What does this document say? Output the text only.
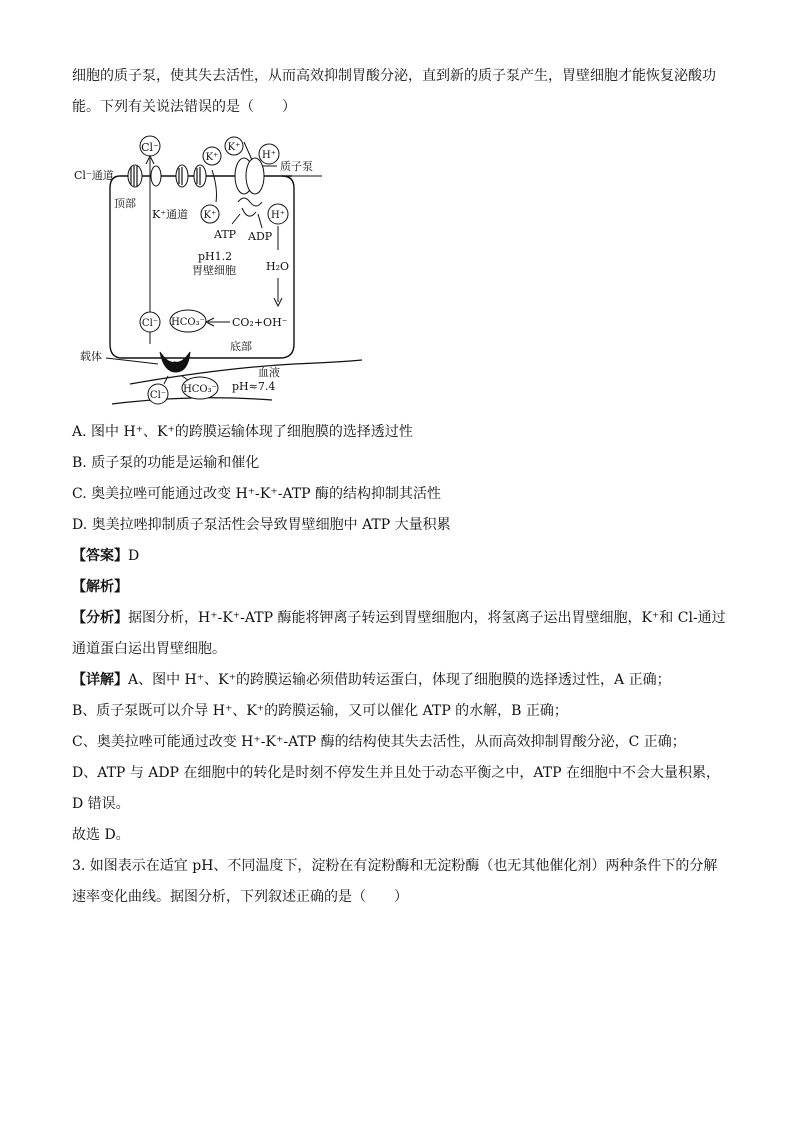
细胞的质子泵，使其失去活性，从而高效抑制胃酸分泌，直到新的质子泵产生，胃壁细胞才能恢复泌酸功
能。下列有关说法错误的是（　　）
Cl⁻
K⁺
K⁺
H⁺
质子泵
Cl⁻通道
顶部
K⁺通道 K⁺
ATP ADP
H⁺
pH1.2
胃壁细胞	H₂O
Cl⁻ HCO₃⁻ CO₂+OH⁻
载体
底部
血液
pH≈7.4
Cl⁻
HCO₃⁻
A. 图中 H⁺、K⁺的跨膜运输体现了细胞膜的选择透过性
B. 质子泵的功能是运输和催化
C. 奥美拉唑可能通过改变 H⁺-K⁺-ATP 酶的结构抑制其活性
D. 奥美拉唑抑制质子泵活性会导致胃壁细胞中 ATP 大量积累
【答案】D
【解析】
【分析】据图分析，H⁺-K⁺-ATP 酶能将钾离子转运到胃壁细胞内，将氢离子运出胃壁细胞，K⁺和 Cl-通过
通道蛋白运出胃壁细胞。
【详解】A、图中 H⁺、K⁺的跨膜运输必须借助转运蛋白，体现了细胞膜的选择透过性，A 正确；
B、质子泵既可以介导 H⁺、K⁺的跨膜运输，又可以催化 ATP 的水解，B 正确；
C、奥美拉唑可能通过改变 H⁺-K⁺-ATP 酶的结构使其失去活性，从而高效抑制胃酸分泌，C 正确；
D、ATP 与 ADP 在细胞中的转化是时刻不停发生并且处于动态平衡之中，ATP 在细胞中不会大量积累，
D 错误。
故选 D。
3. 如图表示在适宜 pH、不同温度下，淀粉在有淀粉酶和无淀粉酶（也无其他催化剂）两种条件下的分解
速率变化曲线。据图分析，下列叙述正确的是（　　）
